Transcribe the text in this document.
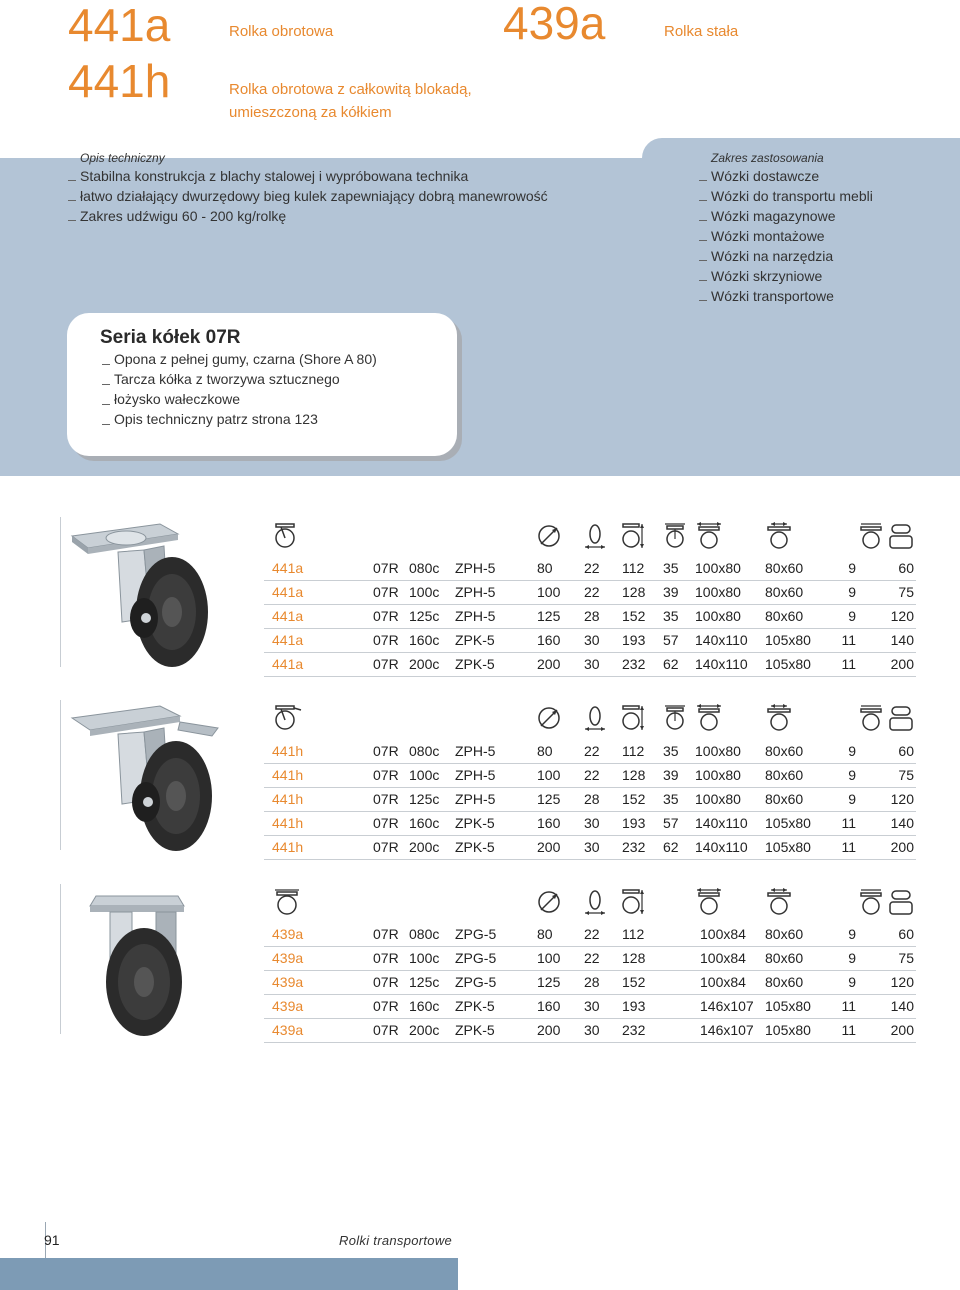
441a
441h
Rolka obrotowa
Rolka obrotowa z całkowitą blokadą,
umieszczoną za kółkiem
439a	Rolka stała
Opis techniczny
Stabilna konstrukcja z blachy stalowej i wypróbowana technika
łatwo działający dwurzędowy bieg kulek zapewniający dobrą manewrowość
Zakres udźwigu 60 - 200 kg/rolkę
Zakres zastosowania
Wózki dostawcze
Wózki do transportu mebli
Wózki magazynowe
Wózki montażowe
Wózki na narzędzia
Wózki skrzyniowe
Wózki transportowe
Seria kółek 07R
Opona z pełnej gumy, czarna (Shore A 80)
Tarcza kółka z tworzywa sztucznego
łożysko wałeczkowe
Opis techniczny patrz strona 123
441a	07R 080c ZPH-5	80 22 112 35 100x80 80x60	9	60
441a	07R 100c ZPH-5	100 22 128 39 100x80 80x60	9	75
441a	07R 125c ZPH-5	125 28 152 35 100x80 80x60	9 120
441a	07R 160c ZPK-5	160 30 193 57 140x110 105x80 11 140
441a	07R 200c ZPK-5	200 30 232 62 140x110 105x80 11 200
441h	07R 080c ZPH-5	80 22 112 35 100x80 80x60	9	60
441h	07R 100c ZPH-5	100 22 128 39 100x80 80x60	9	75
441h	07R 125c ZPH-5	125 28 152 35 100x80 80x60	9 120
441h	07R 160c ZPK-5	160 30 193 57 140x110 105x80 11 140
441h	07R 200c ZPK-5	200 30 232 62 140x110 105x80 11 200
439a	07R 080c ZPG-5	80 22 112	100x84 80x60	9	60
439a	07R 100c ZPG-5	100 22 128	100x84 80x60	9	75
439a	07R 125c ZPG-5	125 28 152	100x84 80x60	9 120
439a	07R 160c ZPK-5	160 30 193	146x107 105x80 11 140
439a	07R 200c ZPK-5	200 30 232	146x107 105x80 11 200
91	Rolki transportowe
